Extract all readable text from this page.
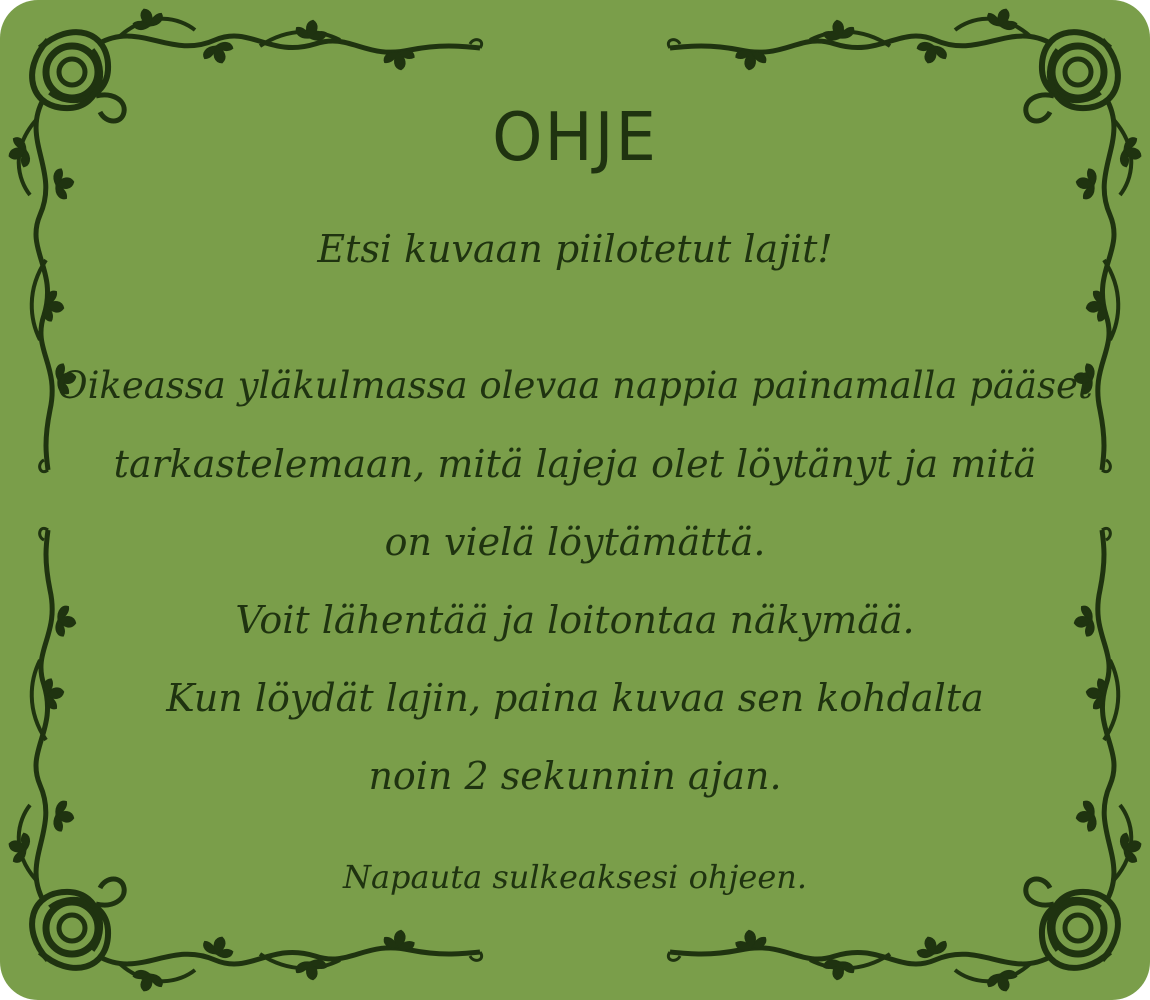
OHJE
Etsi kuvaan piilotetut lajit!
Oikeassa yläkulmassa olevaa nappia painamalla pääset
tarkastelemaan, mitä lajeja olet löytänyt ja mitä
on vielä löytämättä.
Voit lähentää ja loitontaa näkymää.
Kun löydät lajin, paina kuvaa sen kohdalta
noin 2 sekunnin ajan.
Napauta sulkeaksesi ohjeen.
